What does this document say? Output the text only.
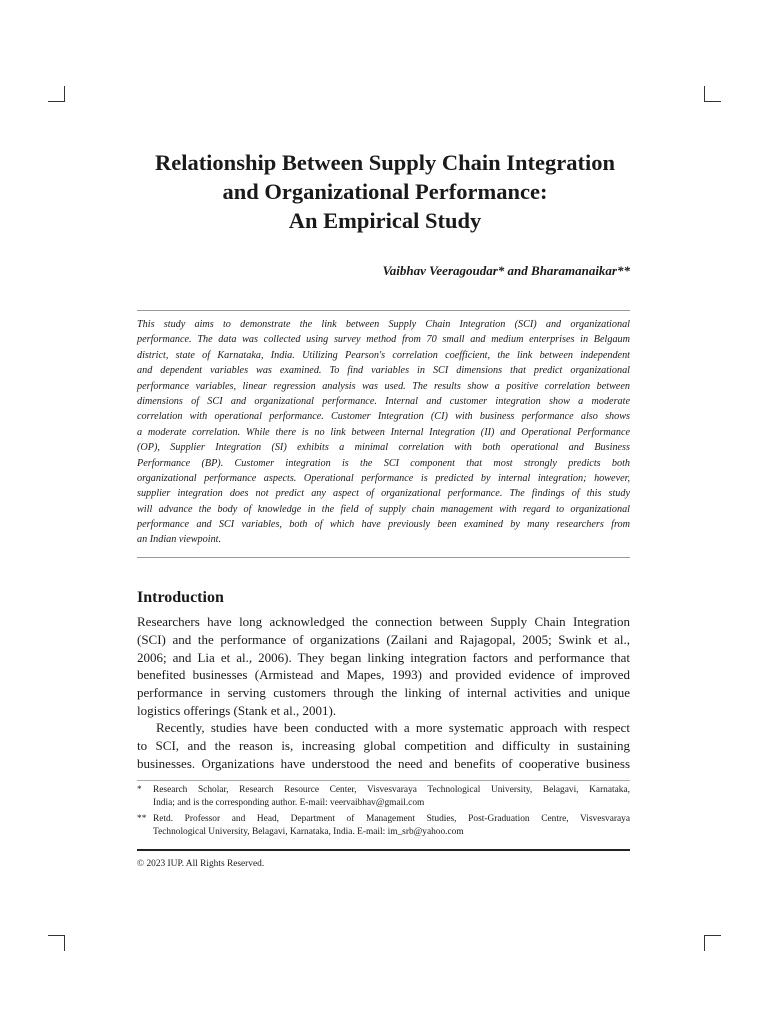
Relationship Between Supply Chain Integration
and Organizational Performance:
An Empirical Study
Vaibhav Veeragoudar* and Bharamanaikar**
This study aims to demonstrate the link between Supply Chain Integration (SCI) and organizational
performance. The data was collected using survey method from 70 small and medium enterprises in Belgaum
district, state of Karnataka, India. Utilizing Pearson's correlation coefficient, the link between independent
and dependent variables was examined. To find variables in SCI dimensions that predict organizational
performance variables, linear regression analysis was used. The results show a positive correlation between
dimensions of SCI and organizational performance. Internal and customer integration show a moderate
correlation with operational performance. Customer Integration (CI) with business performance also shows
a moderate correlation. While there is no link between Internal Integration (II) and Operational Performance
(OP), Supplier Integration (SI) exhibits a minimal correlation with both operational and Business
Performance (BP). Customer integration is the SCI component that most strongly predicts both
organizational performance aspects. Operational performance is predicted by internal integration; however,
supplier integration does not predict any aspect of organizational performance. The findings of this study
will advance the body of knowledge in the field of supply chain management with regard to organizational
performance and SCI variables, both of which have previously been examined by many researchers from
an Indian viewpoint.
Introduction
Researchers have long acknowledged the connection between Supply Chain Integration
(SCI) and the performance of organizations (Zailani and Rajagopal, 2005; Swink et al.,
2006; and Lia et al., 2006). They began linking integration factors and performance that
benefited businesses (Armistead and Mapes, 1993) and provided evidence of improved
performance in serving customers through the linking of internal activities and unique
logistics offerings (Stank et al., 2001).
Recently, studies have been conducted with a more systematic approach with respect
to SCI, and the reason is, increasing global competition and difficulty in sustaining
businesses. Organizations have understood the need and benefits of cooperative business
* Research Scholar, Research Resource Center, Visvesvaraya Technological University, Belagavi, Karnataka,
India; and is the corresponding author. E-mail: veervaibhav@gmail.com
** Retd. Professor and Head, Department of Management Studies, Post-Graduation Centre, Visvesvaraya
Technological University, Belagavi, Karnataka, India. E-mail: im_srb@yahoo.com
© 2023 IUP. All Rights Reserved.
